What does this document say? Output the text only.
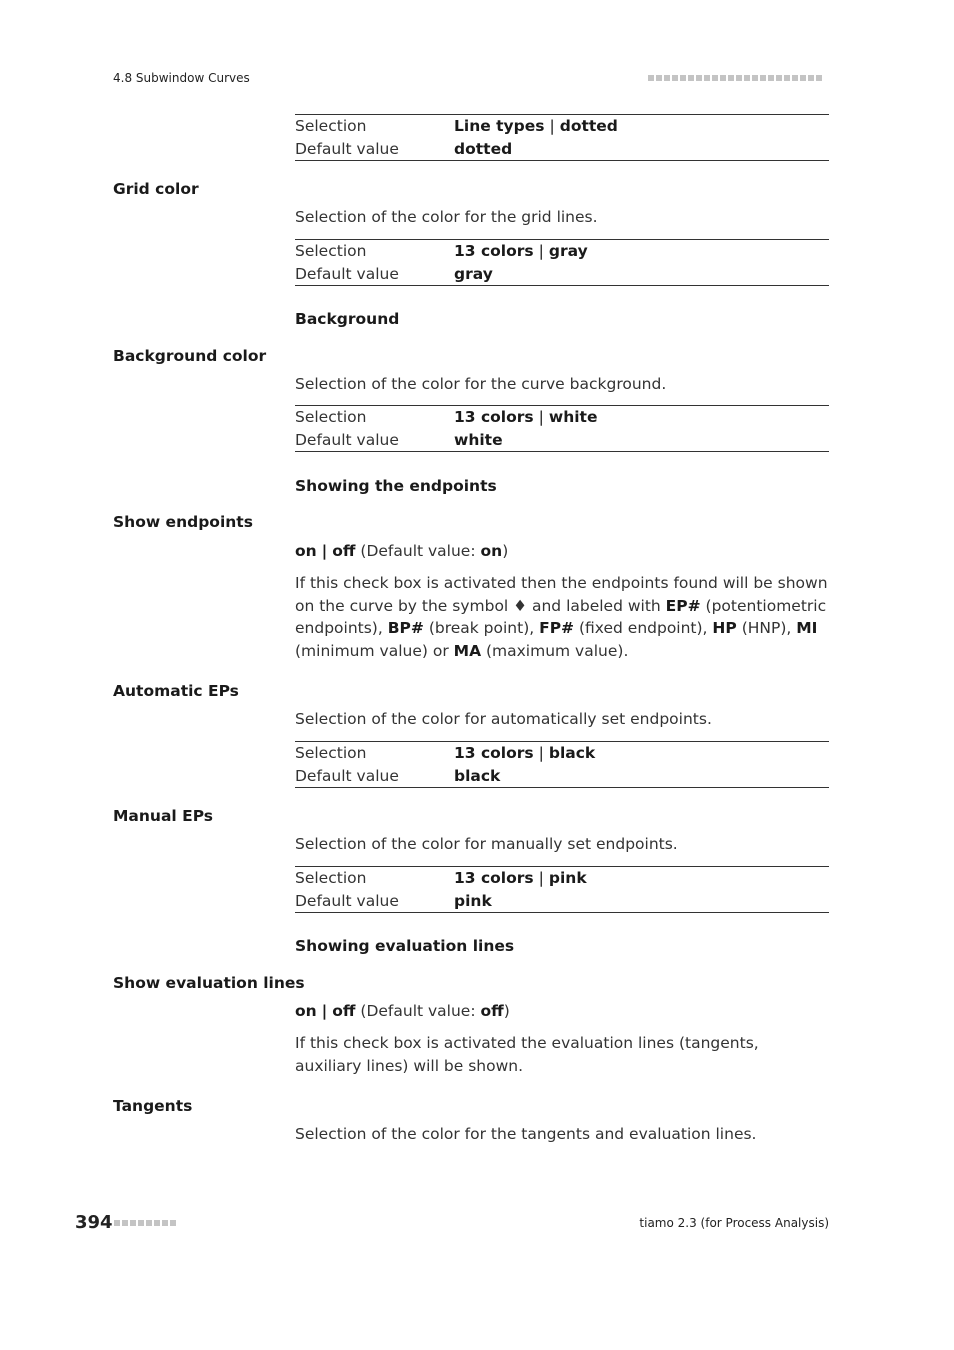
4.8 Subwindow Curves
Selection	Line types | dotted
Default value	dotted
Grid color
Selection of the color for the grid lines.
Selection	13 colors | gray
Default value	gray
Background
Background color
Selection of the color for the curve background.
Selection	13 colors | white
Default value	white
Showing the endpoints
Show endpoints
on | off (Default value: on)
If this check box is activated then the endpoints found will be shown on the curve by the symbol ♦ and labeled with EP# (potentiometric endpoints), BP# (break point), FP# (fixed endpoint), HP (HNP), MI (minimum value) or MA (maximum value).
Automatic EPs
Selection of the color for automatically set endpoints.
Selection	13 colors | black
Default value	black
Manual EPs
Selection of the color for manually set endpoints.
Selection	13 colors | pink
Default value	pink
Showing evaluation lines
Show evaluation lines
on | off (Default value: off)
If this check box is activated the evaluation lines (tangents, auxiliary lines) will be shown.
Tangents
Selection of the color for the tangents and evaluation lines.
394	tiamo 2.3 (for Process Analysis)
